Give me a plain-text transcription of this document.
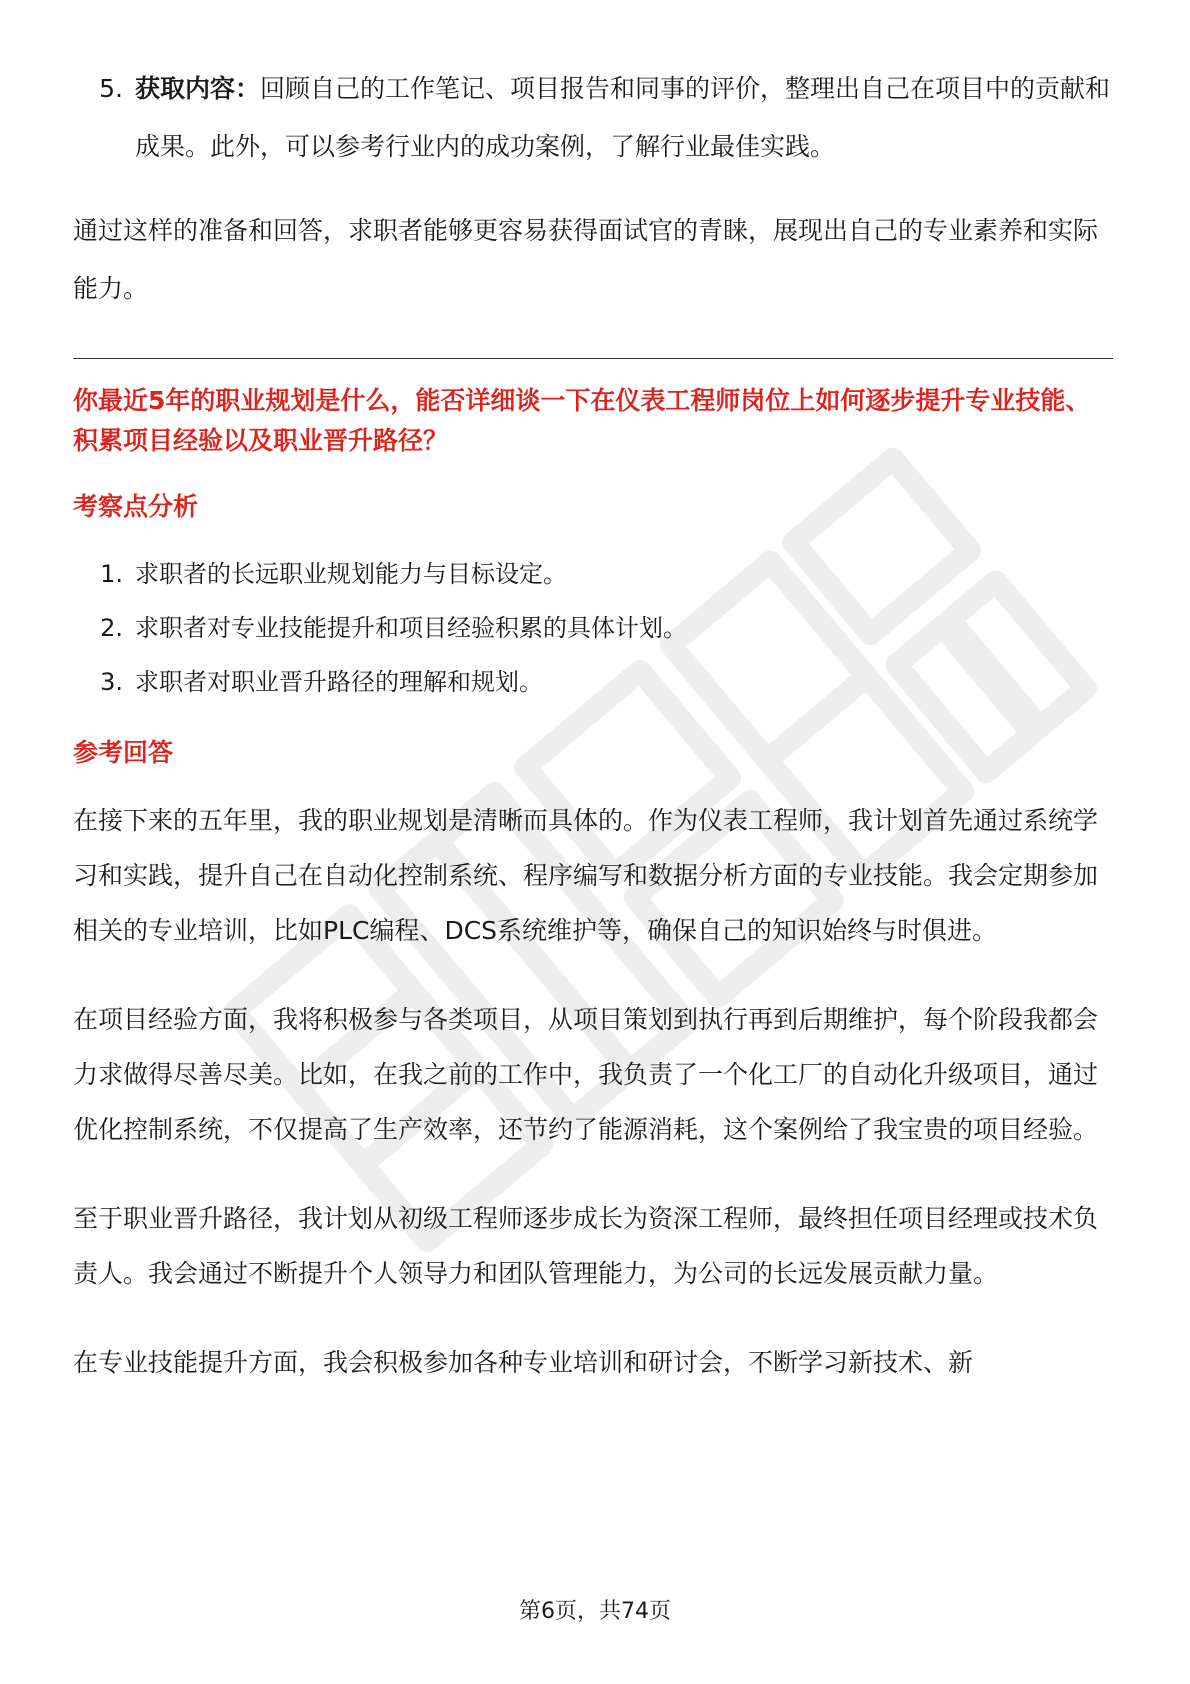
5. 获取内容：回顾自己的工作笔记、项目报告和同事的评价，整理出自己在项目中的贡献和成果。此外，可以参考行业内的成功案例，了解行业最佳实践。

通过这样的准备和回答，求职者能够更容易获得面试官的青睐，展现出自己的专业素养和实际能力。

你最近5年的职业规划是什么，能否详细谈一下在仪表工程师岗位上如何逐步提升专业技能、积累项目经验以及职业晋升路径？

考察点分析

1. 求职者的长远职业规划能力与目标设定。
2. 求职者对专业技能提升和项目经验积累的具体计划。
3. 求职者对职业晋升路径的理解和规划。

参考回答

在接下来的五年里，我的职业规划是清晰而具体的。作为仪表工程师，我计划首先通过系统学习和实践，提升自己在自动化控制系统、程序编写和数据分析方面的专业技能。我会定期参加相关的专业培训，比如PLC编程、DCS系统维护等，确保自己的知识始终与时俱进。

在项目经验方面，我将积极参与各类项目，从项目策划到执行再到后期维护，每个阶段我都会力求做得尽善尽美。比如，在我之前的工作中，我负责了一个化工厂的自动化升级项目，通过优化控制系统，不仅提高了生产效率，还节约了能源消耗，这个案例给了我宝贵的项目经验。

至于职业晋升路径，我计划从初级工程师逐步成长为资深工程师，最终担任项目经理或技术负责人。我会通过不断提升个人领导力和团队管理能力，为公司的长远发展贡献力量。

在专业技能提升方面，我会积极参加各种专业培训和研讨会，不断学习新技术、新

第6页，共74页
